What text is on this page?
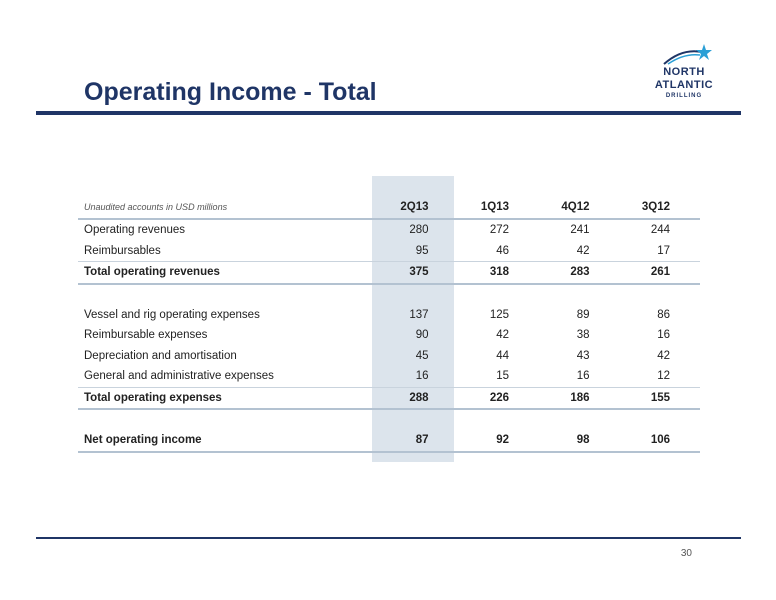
Operating Income - Total
NORTH
ATLANTIC
DRILLING
Unaudited accounts in USD millions	2Q13	1Q13	4Q12	3Q12
Operating revenues	280	272	241	244
Reimbursables	95	46	42	17
Total operating revenues	375	318	283	261

Vessel and rig operating expenses	137	125	89	86
Reimbursable expenses	90	42	38	16
Depreciation and amortisation	45	44	43	42
General and administrative expenses	16	15	16	12
Total operating expenses	288	226	186	155

Net operating income	87	92	98	106
30
